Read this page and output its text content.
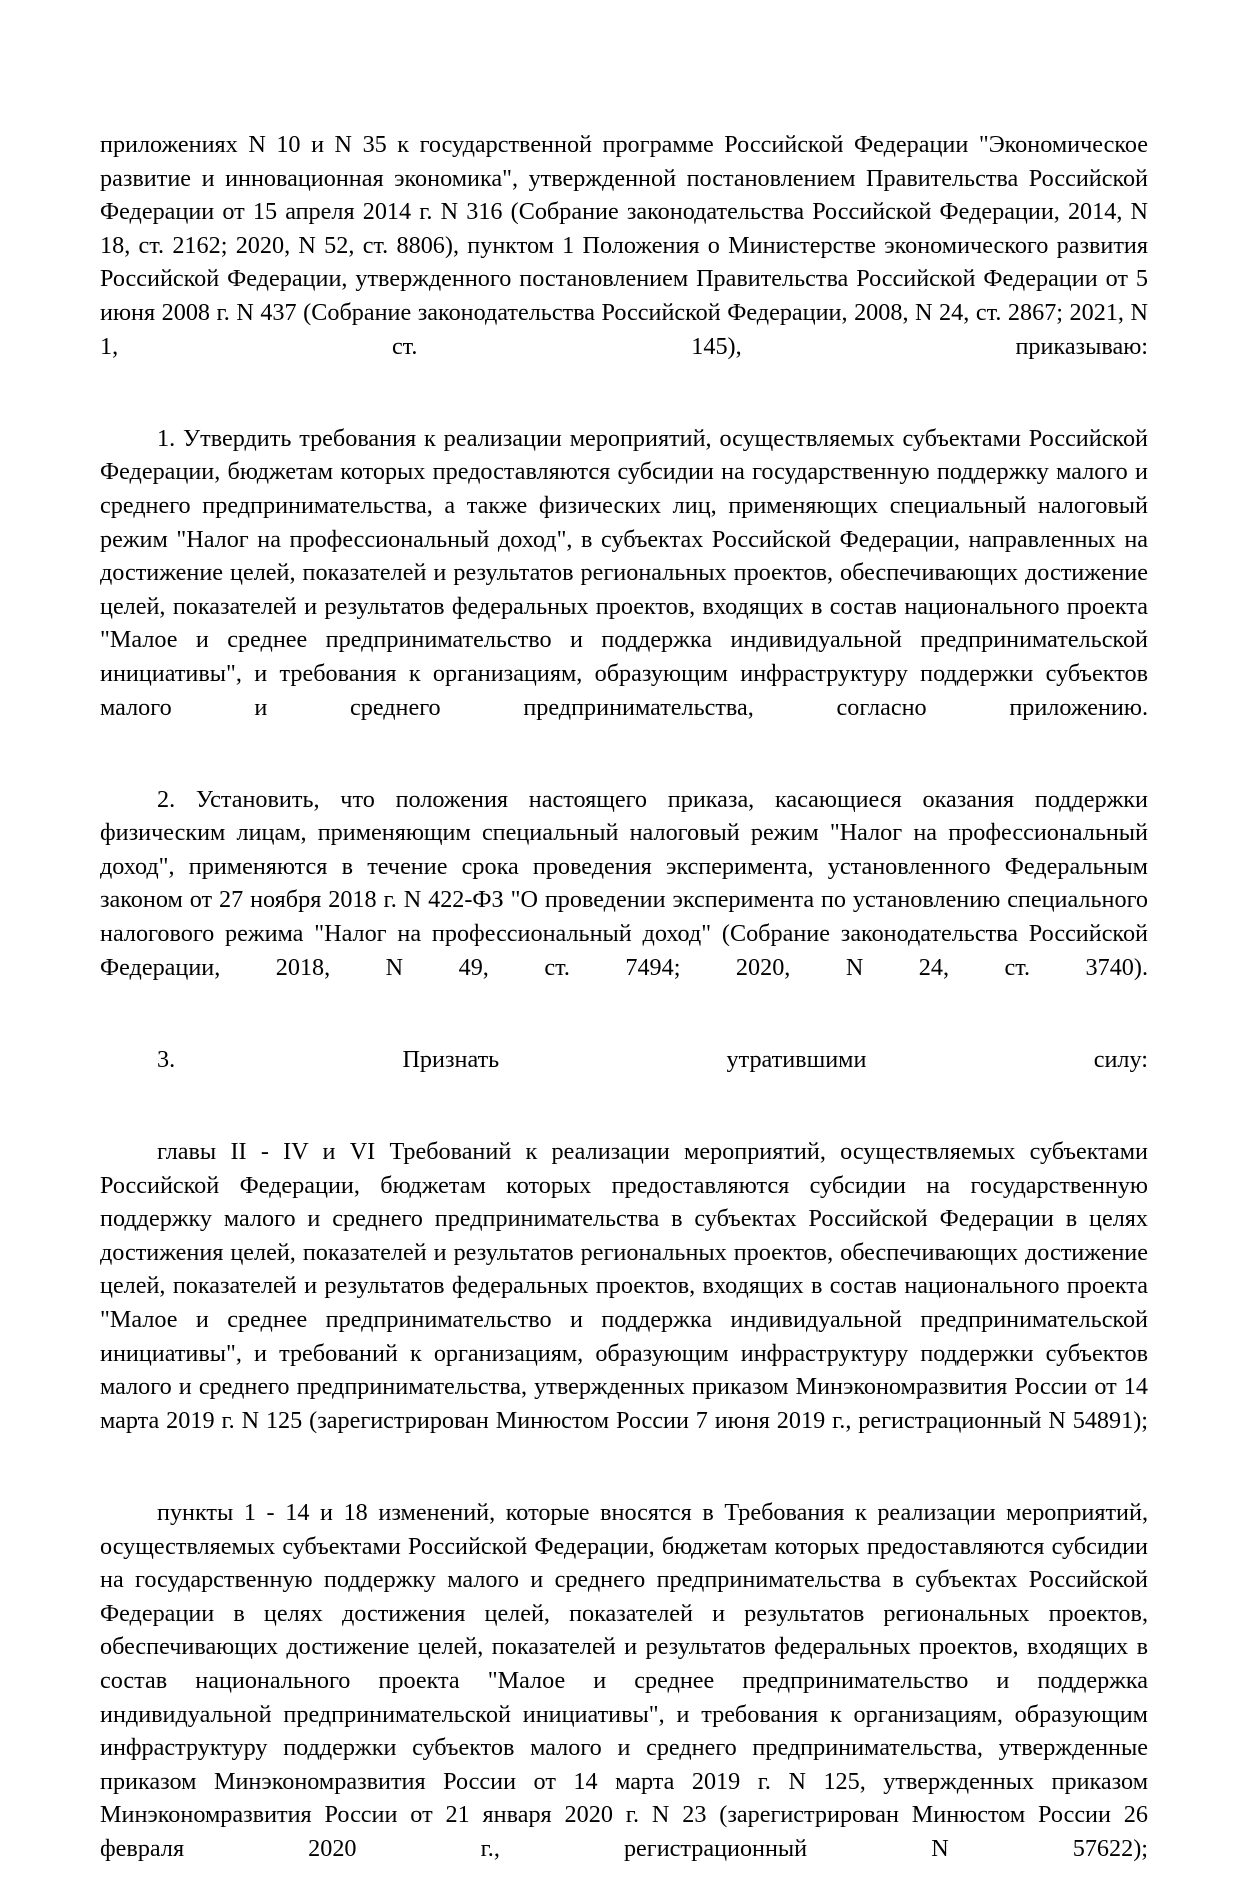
приложениях N 10 и N 35 к государственной программе Российской Федерации "Экономическое развитие и инновационная экономика", утвержденной постановлением Правительства Российской Федерации от 15 апреля 2014 г. N 316 (Собрание законодательства Российской Федерации, 2014, N 18, ст. 2162; 2020, N 52, ст. 8806), пунктом 1 Положения о Министерстве экономического развития Российской Федерации, утвержденного постановлением Правительства Российской Федерации от 5 июня 2008 г. N 437 (Собрание законодательства Российской Федерации, 2008, N 24, ст. 2867; 2021, N 1, ст. 145), приказываю:

1. Утвердить требования к реализации мероприятий, осуществляемых субъектами Российской Федерации, бюджетам которых предоставляются субсидии на государственную поддержку малого и среднего предпринимательства, а также физических лиц, применяющих специальный налоговый режим "Налог на профессиональный доход", в субъектах Российской Федерации, направленных на достижение целей, показателей и результатов региональных проектов, обеспечивающих достижение целей, показателей и результатов федеральных проектов, входящих в состав национального проекта "Малое и среднее предпринимательство и поддержка индивидуальной предпринимательской инициативы", и требования к организациям, образующим инфраструктуру поддержки субъектов малого и среднего предпринимательства, согласно приложению.

2. Установить, что положения настоящего приказа, касающиеся оказания поддержки физическим лицам, применяющим специальный налоговый режим "Налог на профессиональный доход", применяются в течение срока проведения эксперимента, установленного Федеральным законом от 27 ноября 2018 г. N 422-ФЗ "О проведении эксперимента по установлению специального налогового режима "Налог на профессиональный доход" (Собрание законодательства Российской Федерации, 2018, N 49, ст. 7494; 2020, N 24, ст. 3740).

3. Признать утратившими силу:

главы II - IV и VI Требований к реализации мероприятий, осуществляемых субъектами Российской Федерации, бюджетам которых предоставляются субсидии на государственную поддержку малого и среднего предпринимательства в субъектах Российской Федерации в целях достижения целей, показателей и результатов региональных проектов, обеспечивающих достижение целей, показателей и результатов федеральных проектов, входящих в состав национального проекта "Малое и среднее предпринимательство и поддержка индивидуальной предпринимательской инициативы", и требований к организациям, образующим инфраструктуру поддержки субъектов малого и среднего предпринимательства, утвержденных приказом Минэкономразвития России от 14 марта 2019 г. N 125 (зарегистрирован Минюстом России 7 июня 2019 г., регистрационный N 54891);

пункты 1 - 14 и 18 изменений, которые вносятся в Требования к реализации мероприятий, осуществляемых субъектами Российской Федерации, бюджетам которых предоставляются субсидии на государственную поддержку малого и среднего предпринимательства в субъектах Российской Федерации в целях достижения целей, показателей и результатов региональных проектов, обеспечивающих достижение целей, показателей и результатов федеральных проектов, входящих в состав национального проекта "Малое и среднее предпринимательство и поддержка индивидуальной предпринимательской инициативы", и требования к организациям, образующим инфраструктуру поддержки субъектов малого и среднего предпринимательства, утвержденные приказом Минэкономразвития России от 14 марта 2019 г. N 125, утвержденных приказом Минэкономразвития России от 21 января 2020 г. N 23 (зарегистрирован Минюстом России 26 февраля 2020 г., регистрационный N 57622);
